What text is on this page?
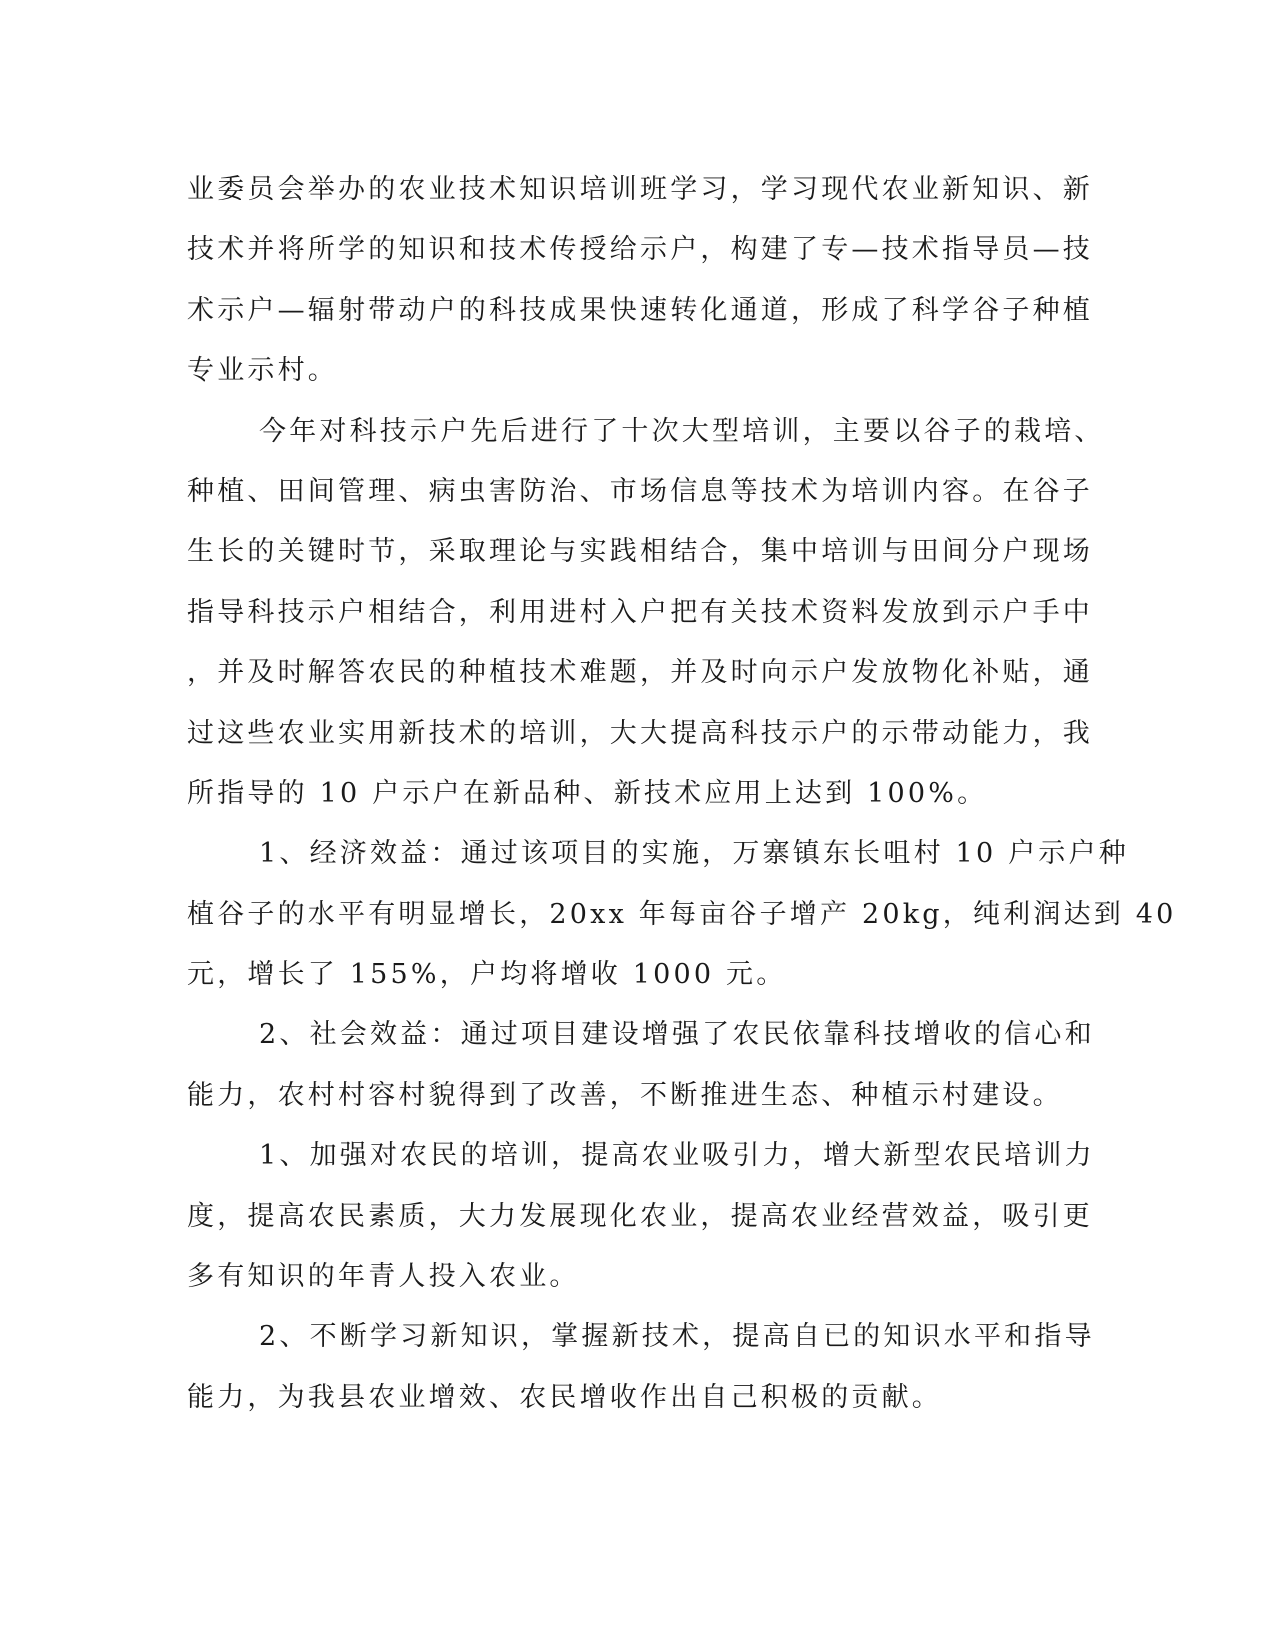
业委员会举办的农业技术知识培训班学习，学习现代农业新知识、新
技术并将所学的知识和技术传授给示户，构建了专—技术指导员—技
术示户—辐射带动户的科技成果快速转化通道，形成了科学谷子种植
专业示村。
今年对科技示户先后进行了十次大型培训，主要以谷子的栽培、
种植、田间管理、病虫害防治、市场信息等技术为培训内容。在谷子
生长的关键时节，采取理论与实践相结合，集中培训与田间分户现场
指导科技示户相结合，利用进村入户把有关技术资料发放到示户手中
，并及时解答农民的种植技术难题，并及时向示户发放物化补贴，通
过这些农业实用新技术的培训，大大提高科技示户的示带动能力，我
所指导的 10 户示户在新品种、新技术应用上达到 100%。
1、经济效益：通过该项目的实施，万寨镇东长咀村 10 户示户种
植谷子的水平有明显增长，20xx 年每亩谷子增产 20kg，纯利润达到 40
元，增长了 155%，户均将增收 1000 元。
2、社会效益：通过项目建设增强了农民依靠科技增收的信心和
能力，农村村容村貌得到了改善，不断推进生态、种植示村建设。
1、加强对农民的培训，提高农业吸引力，增大新型农民培训力
度，提高农民素质，大力发展现化农业，提高农业经营效益，吸引更
多有知识的年青人投入农业。
2、不断学习新知识，掌握新技术，提高自已的知识水平和指导
能力，为我县农业增效、农民增收作出自己积极的贡献。
